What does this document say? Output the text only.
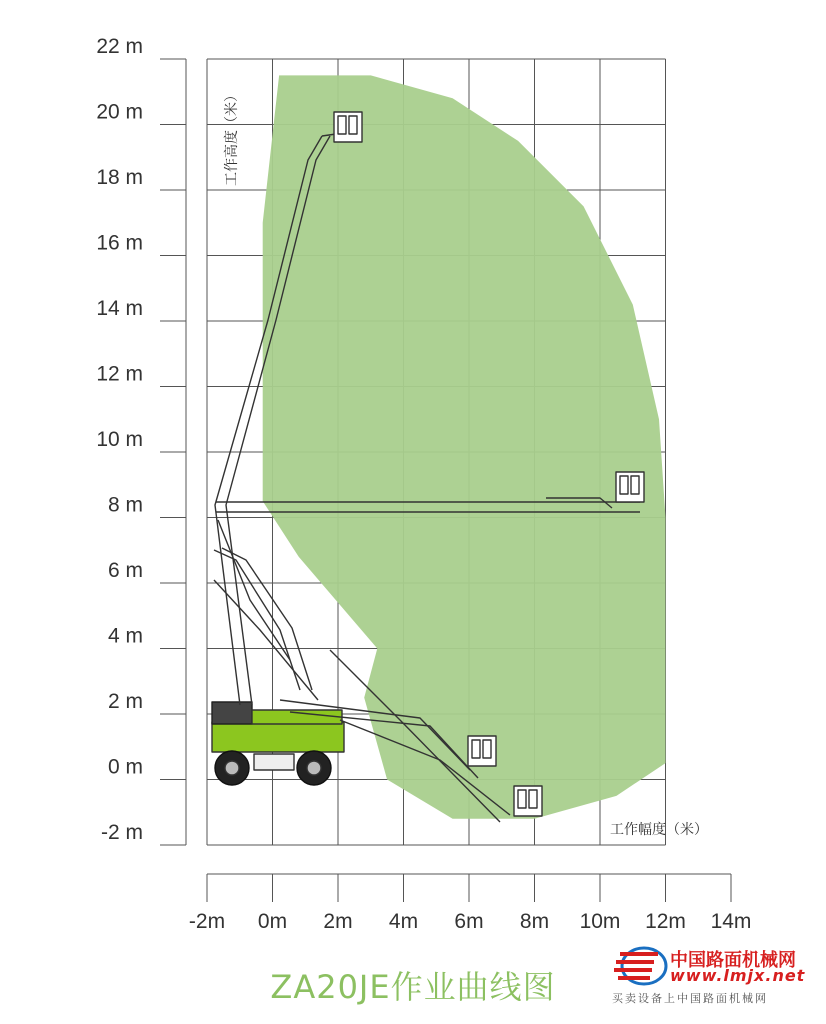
22 m
20 m
18 m
16 m
14 m
12 m
10 m
8 m
6 m
4 m
2 m
0 m
-2 m
-2m 0m 2m 4m 6m 8m 10m 12m 14m
工作高度（米）
工作幅度（米）
ZA20JE作业曲线图
中国路面机械网
www.lmjx.net
买卖设备上中国路面机械网
